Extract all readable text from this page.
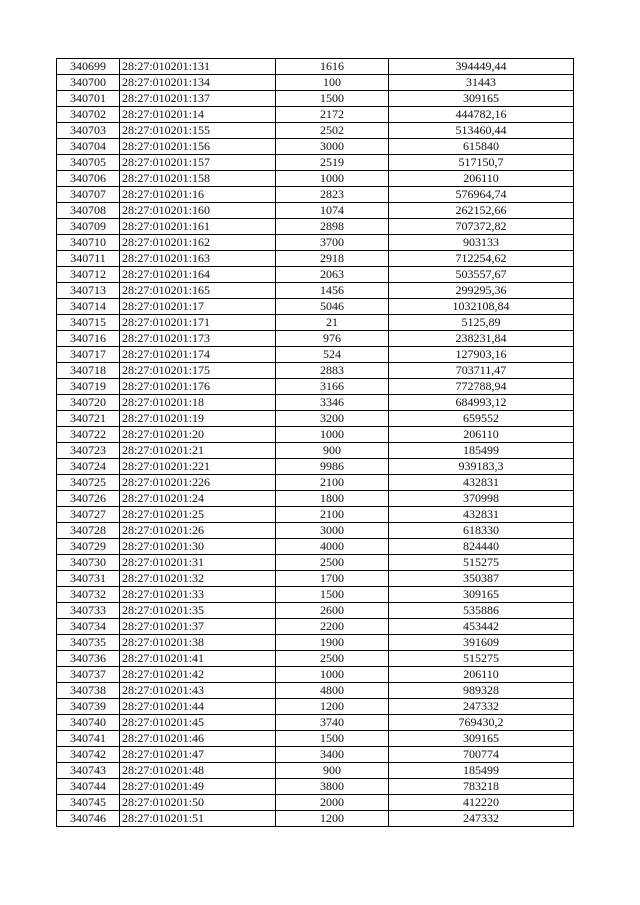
340699	28:27:010201:131	1616	394449,44
340700	28:27:010201:134	100	31443
340701	28:27:010201:137	1500	309165
340702	28:27:010201:14	2172	444782,16
340703	28:27:010201:155	2502	513460,44
340704	28:27:010201:156	3000	615840
340705	28:27:010201:157	2519	517150,7
340706	28:27:010201:158	1000	206110
340707	28:27:010201:16	2823	576964,74
340708	28:27:010201:160	1074	262152,66
340709	28:27:010201:161	2898	707372,82
340710	28:27:010201:162	3700	903133
340711	28:27:010201:163	2918	712254,62
340712	28:27:010201:164	2063	503557,67
340713	28:27:010201:165	1456	299295,36
340714	28:27:010201:17	5046	1032108,84
340715	28:27:010201:171	21	5125,89
340716	28:27:010201:173	976	238231,84
340717	28:27:010201:174	524	127903,16
340718	28:27:010201:175	2883	703711,47
340719	28:27:010201:176	3166	772788,94
340720	28:27:010201:18	3346	684993,12
340721	28:27:010201:19	3200	659552
340722	28:27:010201:20	1000	206110
340723	28:27:010201:21	900	185499
340724	28:27:010201:221	9986	939183,3
340725	28:27:010201:226	2100	432831
340726	28:27:010201:24	1800	370998
340727	28:27:010201:25	2100	432831
340728	28:27:010201:26	3000	618330
340729	28:27:010201:30	4000	824440
340730	28:27:010201:31	2500	515275
340731	28:27:010201:32	1700	350387
340732	28:27:010201:33	1500	309165
340733	28:27:010201:35	2600	535886
340734	28:27:010201:37	2200	453442
340735	28:27:010201:38	1900	391609
340736	28:27:010201:41	2500	515275
340737	28:27:010201:42	1000	206110
340738	28:27:010201:43	4800	989328
340739	28:27:010201:44	1200	247332
340740	28:27:010201:45	3740	769430,2
340741	28:27:010201:46	1500	309165
340742	28:27:010201:47	3400	700774
340743	28:27:010201:48	900	185499
340744	28:27:010201:49	3800	783218
340745	28:27:010201:50	2000	412220
340746	28:27:010201:51	1200	247332
